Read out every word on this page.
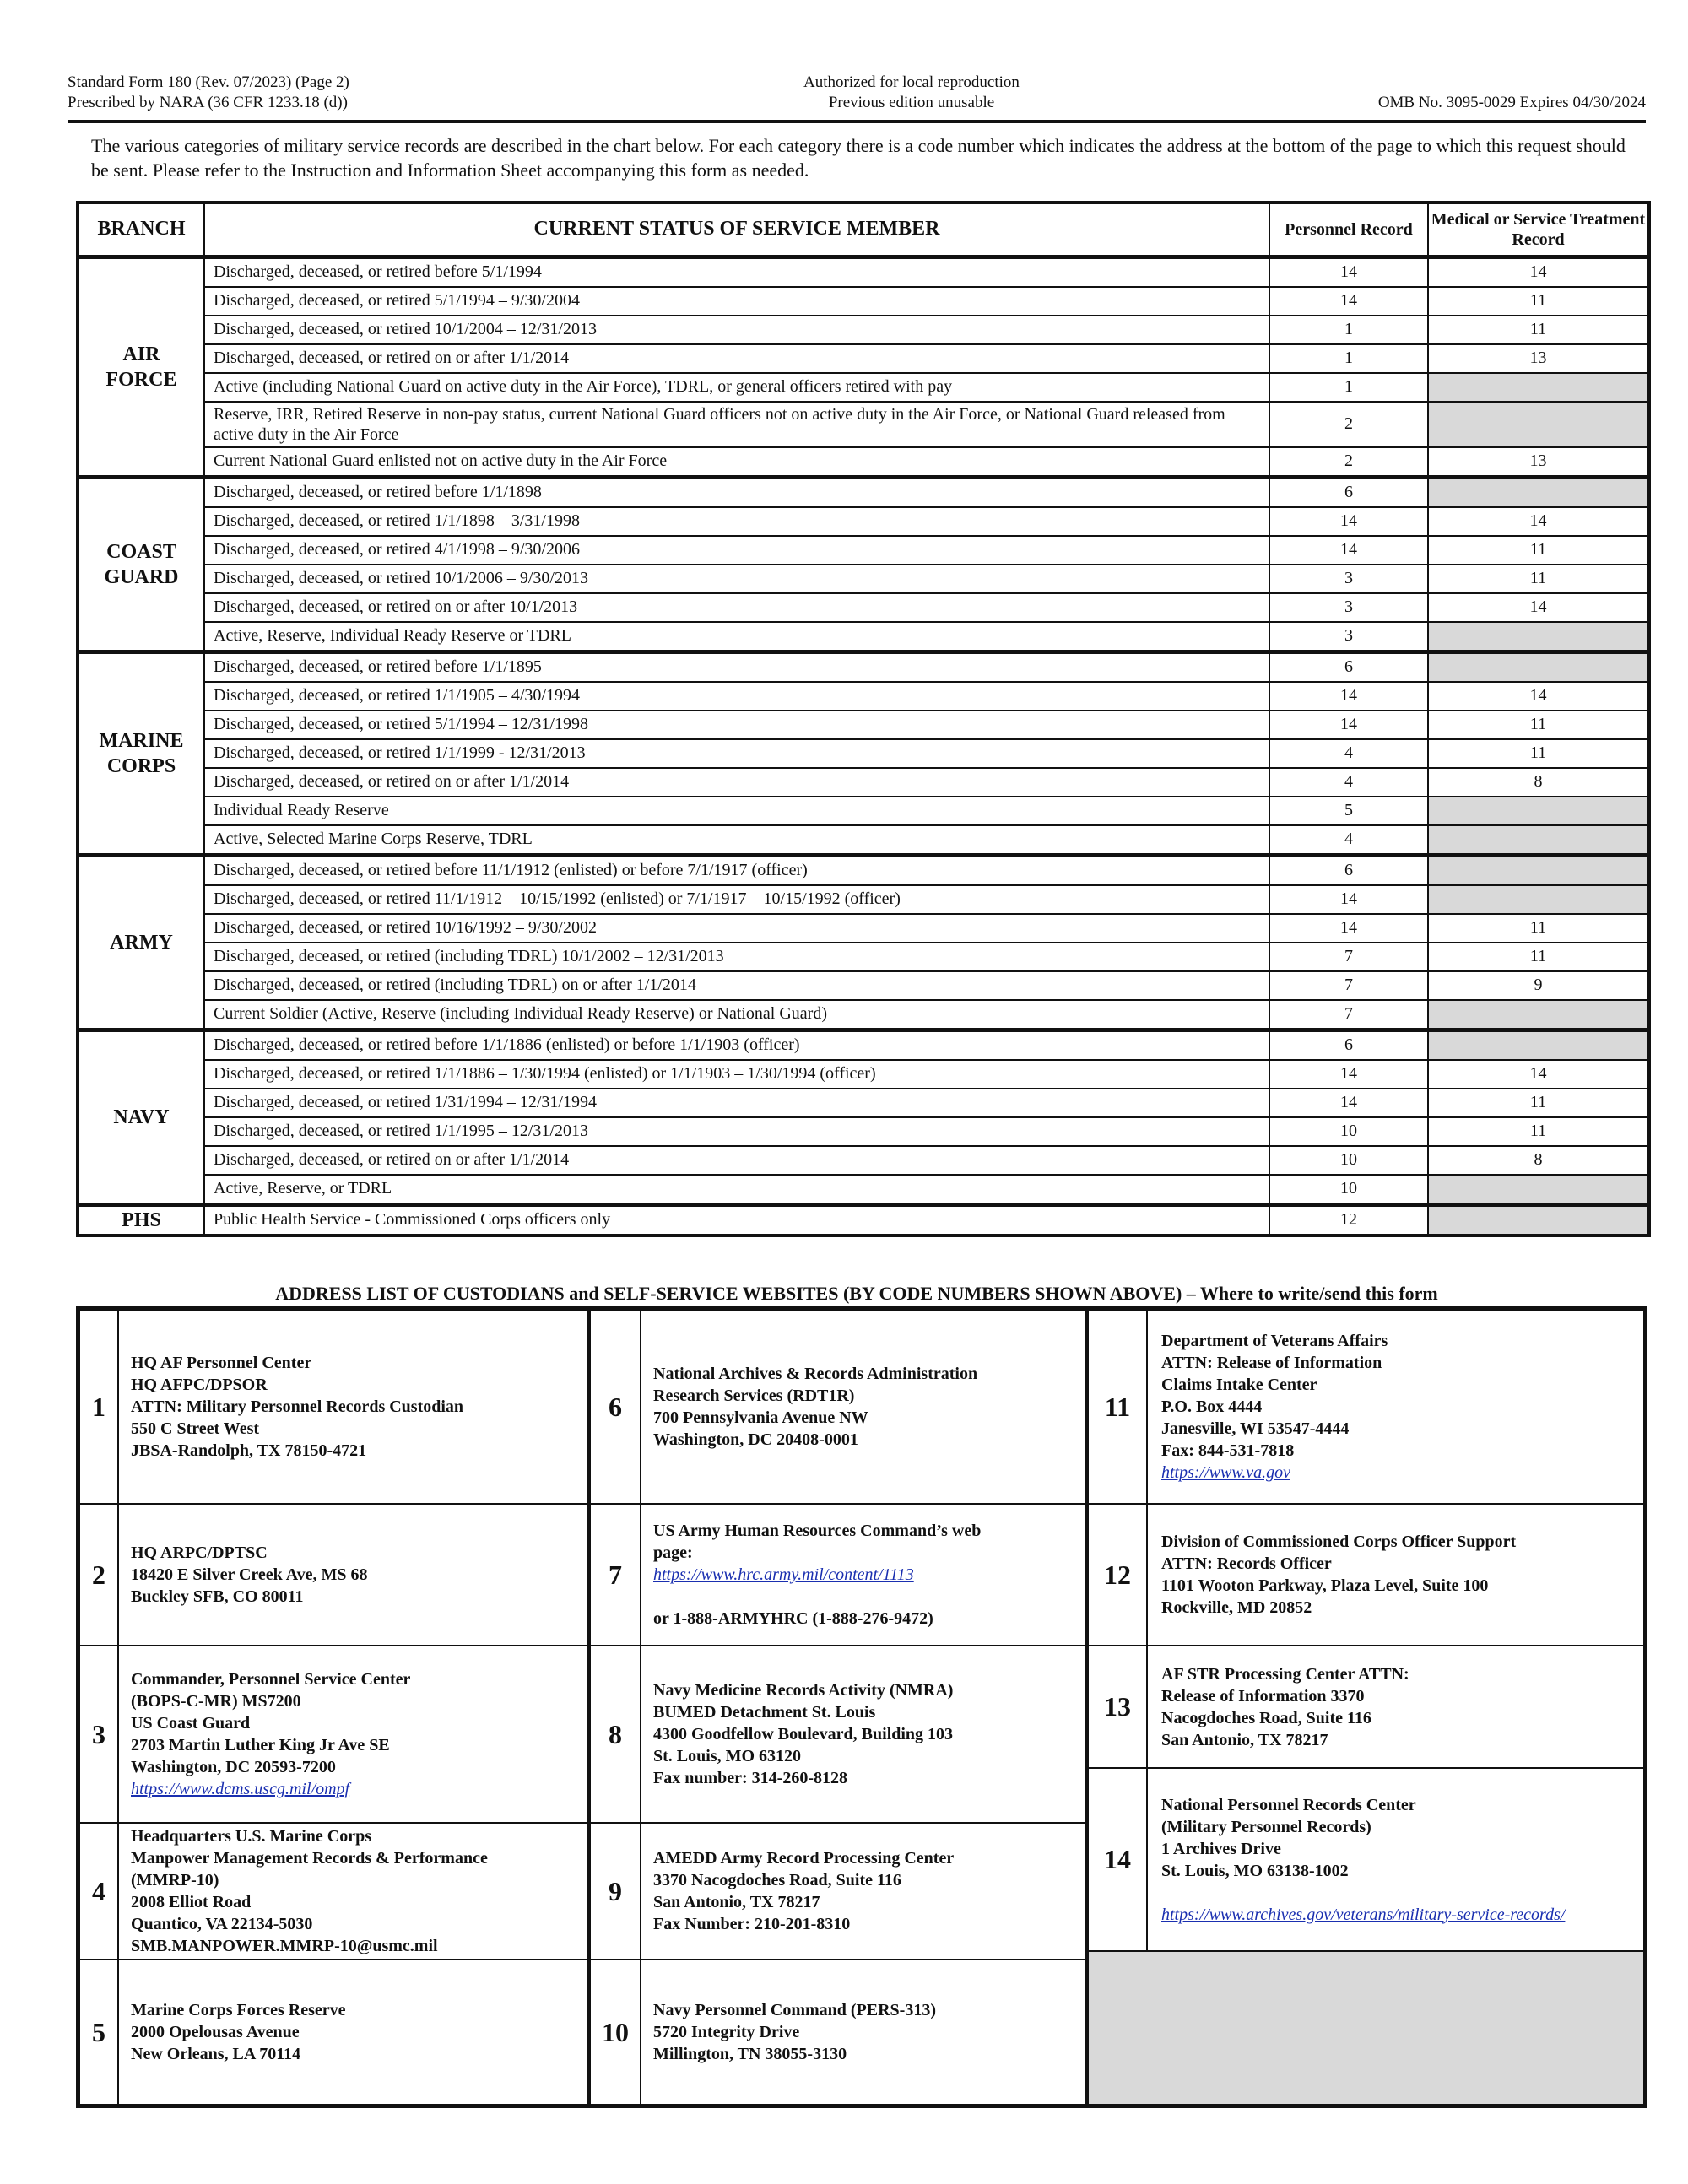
Standard Form 180 (Rev. 07/2023) (Page 2)
Prescribed by NARA (36 CFR 1233.18 (d))
Authorized for local reproduction
Previous edition unusable	OMB No. 3095-0029 Expires 04/30/2024
The various categories of military service records are described in the chart below. For each category there is a code number which indicates the address at the bottom of the page to which this request should be sent. Please refer to the Instruction and Information Sheet accompanying this form as needed.
BRANCH	CURRENT STATUS OF SERVICE MEMBER	Personnel Record	Medical or Service Treatment Record

AIR
FORCE	Discharged, deceased, or retired before 5/1/1994	14	14
	Discharged, deceased, or retired 5/1/1994 – 9/30/2004	14	11
	Discharged, deceased, or retired 10/1/2004 – 12/31/2013	1	11
	Discharged, deceased, or retired on or after 1/1/2014	1	13
	Active (including National Guard on active duty in the Air Force), TDRL, or general officers retired with pay	1	
	Reserve, IRR, Retired Reserve in non-pay status, current National Guard officers not on active duty in the Air Force, or National Guard released from active duty in the Air Force	2	
	Current National Guard enlisted not on active duty in the Air Force	2	13

COAST
GUARD	Discharged, deceased, or retired before 1/1/1898	6	
	Discharged, deceased, or retired 1/1/1898 – 3/31/1998	14	14
	Discharged, deceased, or retired 4/1/1998 – 9/30/2006	14	11
	Discharged, deceased, or retired 10/1/2006 – 9/30/2013	3	11
	Discharged, deceased, or retired on or after 10/1/2013	3	14
	Active, Reserve, Individual Ready Reserve or TDRL	3	

MARINE
CORPS	Discharged, deceased, or retired before 1/1/1895	6	
	Discharged, deceased, or retired 1/1/1905 – 4/30/1994	14	14
	Discharged, deceased, or retired 5/1/1994 – 12/31/1998	14	11
	Discharged, deceased, or retired 1/1/1999 - 12/31/2013	4	11
	Discharged, deceased, or retired on or after 1/1/2014	4	8
	Individual Ready Reserve	5	
	Active, Selected Marine Corps Reserve, TDRL	4	

ARMY	Discharged, deceased, or retired before 11/1/1912 (enlisted) or before 7/1/1917 (officer)	6	
	Discharged, deceased, or retired 11/1/1912 – 10/15/1992 (enlisted) or 7/1/1917 – 10/15/1992 (officer)	14	
	Discharged, deceased, or retired 10/16/1992 – 9/30/2002	14	11
	Discharged, deceased, or retired (including TDRL) 10/1/2002 – 12/31/2013	7	11
	Discharged, deceased, or retired (including TDRL) on or after 1/1/2014	7	9
	Current Soldier (Active, Reserve (including Individual Ready Reserve) or National Guard)	7	

NAVY	Discharged, deceased, or retired before 1/1/1886 (enlisted) or before 1/1/1903 (officer)	6	
	Discharged, deceased, or retired 1/1/1886 – 1/30/1994 (enlisted) or 1/1/1903 – 1/30/1994 (officer)	14	14
	Discharged, deceased, or retired 1/31/1994 – 12/31/1994	14	11
	Discharged, deceased, or retired 1/1/1995 – 12/31/2013	10	11
	Discharged, deceased, or retired on or after 1/1/2014	10	8
	Active, Reserve, or TDRL	10	

PHS	Public Health Service - Commissioned Corps officers only	12	
ADDRESS LIST OF CUSTODIANS and SELF-SERVICE WEBSITES (BY CODE NUMBERS SHOWN ABOVE) – Where to write/send this form
1
HQ AF Personnel Center
HQ AFPC/DPSOR
ATTN: Military Personnel Records Custodian
550 C Street West
JBSA-Randolph, TX 78150-4721
2
HQ ARPC/DPTSC
18420 E Silver Creek Ave, MS 68
Buckley SFB, CO 80011
3
Commander, Personnel Service Center
(BOPS-C-MR) MS7200
US Coast Guard
2703 Martin Luther King Jr Ave SE
Washington, DC 20593-7200
https://www.dcms.uscg.mil/ompf
4
Headquarters U.S. Marine Corps
Manpower Management Records & Performance
(MMRP-10)
2008 Elliot Road
Quantico, VA 22134-5030
SMB.MANPOWER.MMRP-10@usmc.mil
5
Marine Corps Forces Reserve
2000 Opelousas Avenue
New Orleans, LA 70114
6
National Archives & Records Administration
Research Services (RDT1R)
700 Pennsylvania Avenue NW
Washington, DC 20408-0001
7
US Army Human Resources Command’s web
page:
https://www.hrc.army.mil/content/1113
or 1-888-ARMYHRC (1-888-276-9472)
8
Navy Medicine Records Activity (NMRA)
BUMED Detachment St. Louis
4300 Goodfellow Boulevard, Building 103
St. Louis, MO 63120
Fax number: 314-260-8128
9
AMEDD Army Record Processing Center
3370 Nacogdoches Road, Suite 116
San Antonio, TX 78217
Fax Number: 210-201-8310
10
Navy Personnel Command (PERS-313)
5720 Integrity Drive
Millington, TN 38055-3130
11
Department of Veterans Affairs
ATTN: Release of Information
Claims Intake Center
P.O. Box 4444
Janesville, WI 53547-4444
Fax: 844-531-7818
https://www.va.gov
12
Division of Commissioned Corps Officer Support
ATTN: Records Officer
1101 Wooton Parkway, Plaza Level, Suite 100
Rockville, MD 20852
13
AF STR Processing Center ATTN:
Release of Information 3370
Nacogdoches Road, Suite 116
San Antonio, TX 78217
14
National Personnel Records Center
(Military Personnel Records)
1 Archives Drive
St. Louis, MO 63138-1002
https://www.archives.gov/veterans/military-service-records/
